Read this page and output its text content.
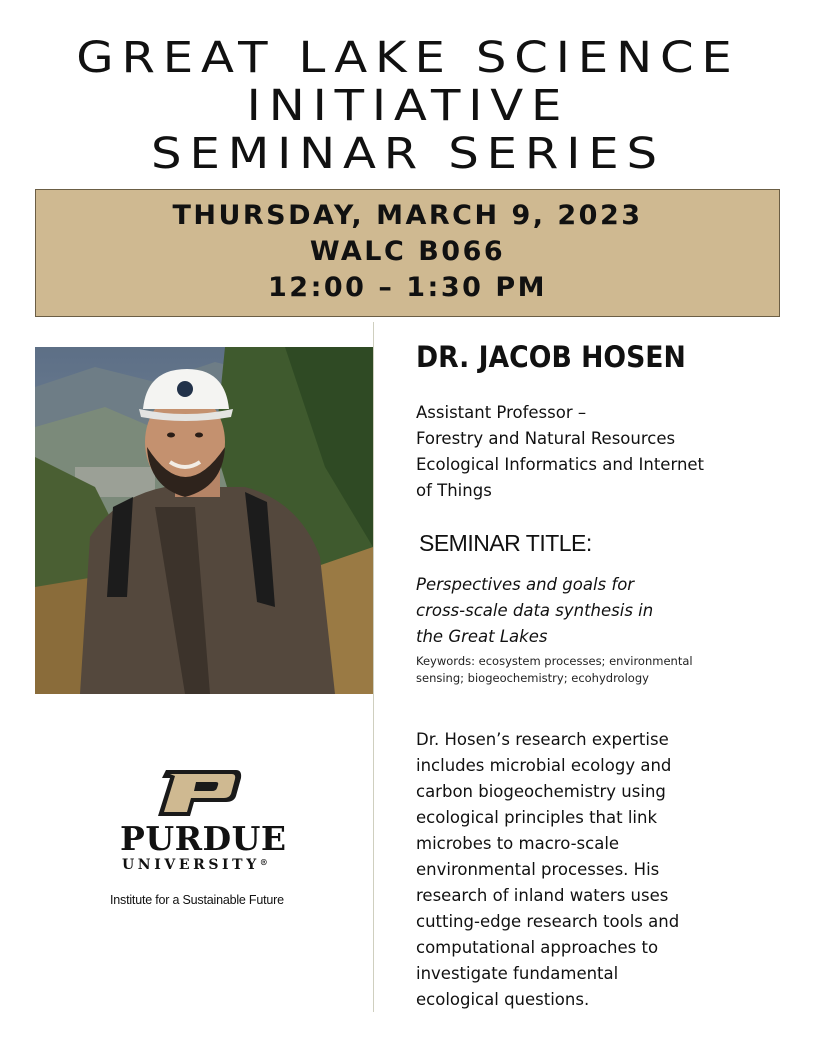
GREAT LAKE SCIENCE
INITIATIVE
SEMINAR SERIES
THURSDAY, MARCH 9, 2023
WALC B066
12:00 – 1:30 PM
PURDUE
UNIVERSITY®
Institute for a Sustainable Future
DR. JACOB HOSEN
Assistant Professor –
Forestry and Natural Resources
Ecological Informatics and Internet
of Things
SEMINAR TITLE:
Perspectives and goals for
cross-scale data synthesis in
the Great Lakes
Keywords: ecosystem processes; environmental
sensing; biogeochemistry; ecohydrology
Dr. Hosen’s research expertise
includes microbial ecology and
carbon biogeochemistry using
ecological principles that link
microbes to macro-scale
environmental processes. His
research of inland waters uses
cutting-edge research tools and
computational approaches to
investigate fundamental
ecological questions.
